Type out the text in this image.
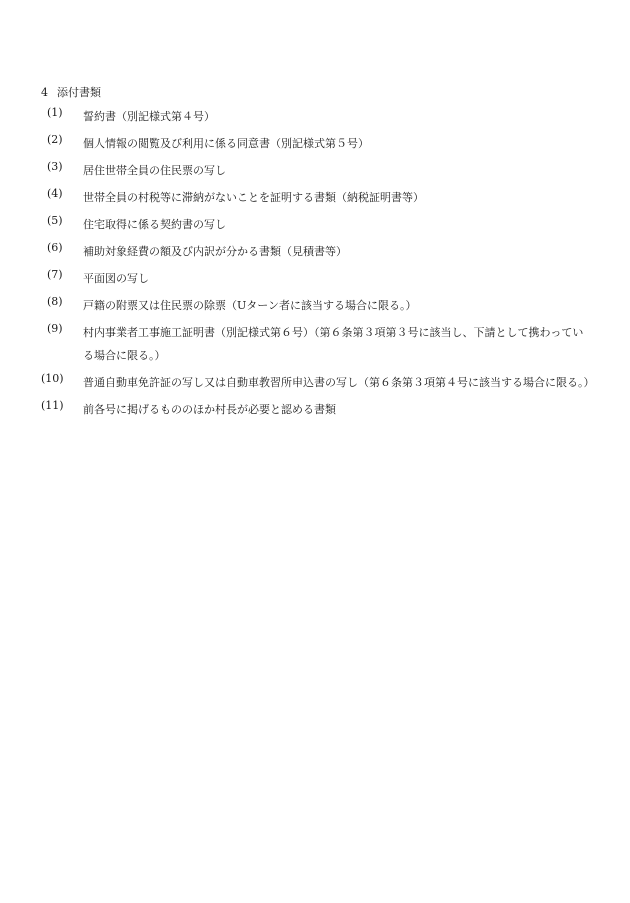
4 添付書類
(1)	誓約書（別記様式第４号）
(2)	個人情報の閲覧及び利用に係る同意書（別記様式第５号）
(3)	居住世帯全員の住民票の写し
(4)	世帯全員の村税等に滞納がないことを証明する書類（納税証明書等）
(5)	住宅取得に係る契約書の写し
(6)	補助対象経費の額及び内訳が分かる書類（見積書等）
(7)	平面図の写し
(8)	戸籍の附票又は住民票の除票（Uターン者に該当する場合に限る。）
(9)	村内事業者工事施工証明書（別記様式第６号）（第６条第３項第３号に該当し、下請として携わっている場合に限る。）
(10)	普通自動車免許証の写し又は自動車教習所申込書の写し（第６条第３項第４号に該当する場合に限る。）
(11)	前各号に掲げるもののほか村長が必要と認める書類
